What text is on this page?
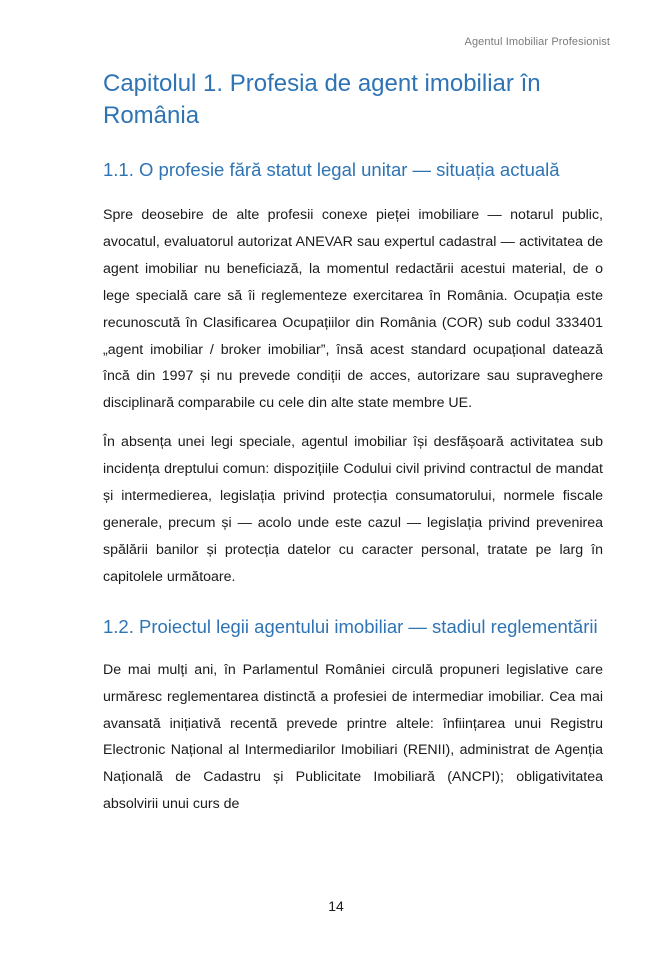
Agentul Imobiliar Profesionist
Capitolul 1. Profesia de agent imobiliar în România
1.1. O profesie fără statut legal unitar — situația actuală

Spre deosebire de alte profesii conexe pieței imobiliare — notarul public, avocatul, evaluatorul autorizat ANEVAR sau expertul cadastral — activitatea de agent imobiliar nu beneficiază, la momentul redactării acestui material, de o lege specială care să îi reglementeze exercitarea în România. Ocupația este recunoscută în Clasificarea Ocupațiilor din România (COR) sub codul 333401 „agent imobiliar / broker imobiliar”, însă acest standard ocupațional datează încă din 1997 și nu prevede condiții de acces, autorizare sau supraveghere disciplinară comparabile cu cele din alte state membre UE.

În absența unei legi speciale, agentul imobiliar își desfășoară activitatea sub incidența dreptului comun: dispozițiile Codului civil privind contractul de mandat și intermedierea, legislația privind protecția consumatorului, normele fiscale generale, precum și — acolo unde este cazul — legislația privind prevenirea spălării banilor și protecția datelor cu caracter personal, tratate pe larg în capitolele următoare.

1.2. Proiectul legii agentului imobiliar — stadiul reglementării

De mai mulți ani, în Parlamentul României circulă propuneri legislative care urmăresc reglementarea distinctă a profesiei de intermediar imobiliar. Cea mai avansată inițiativă recentă prevede printre altele: înființarea unui Registru Electronic Național al Intermediarilor Imobiliari (RENII), administrat de Agenția Națională de Cadastru și Publicitate Imobiliară (ANCPI); obligativitatea absolvirii unui curs de

14
